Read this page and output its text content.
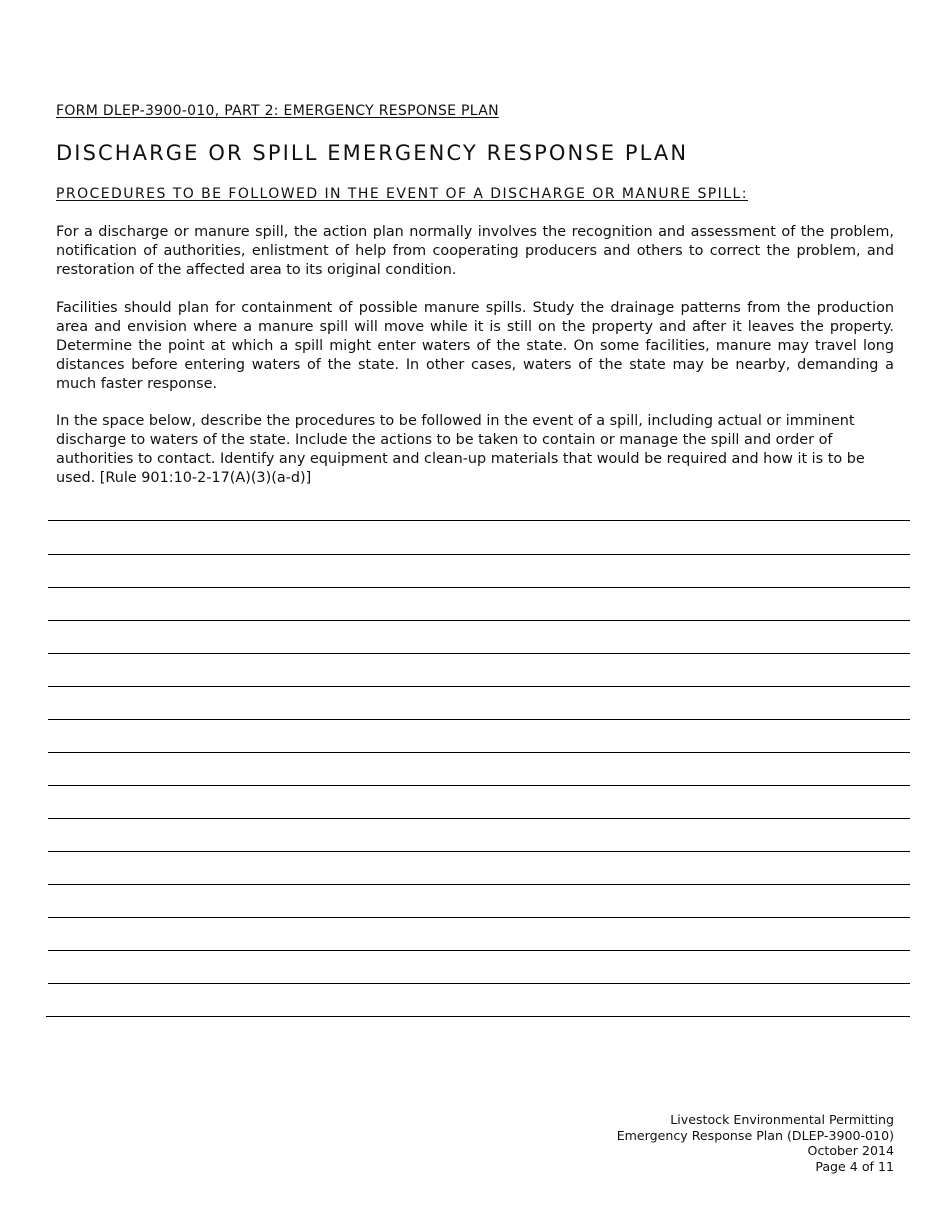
FORM DLEP-3900-010, PART 2: EMERGENCY RESPONSE PLAN
DISCHARGE OR SPILL EMERGENCY RESPONSE PLAN
PROCEDURES TO BE FOLLOWED IN THE EVENT OF A DISCHARGE OR MANURE SPILL:

For a discharge or manure spill, the action plan normally involves the recognition and assessment of the problem, notification of authorities, enlistment of help from cooperating producers and others to correct the problem, and restoration of the affected area to its original condition.

Facilities should plan for containment of possible manure spills. Study the drainage patterns from the production area and envision where a manure spill will move while it is still on the property and after it leaves the property. Determine the point at which a spill might enter waters of the state. On some facilities, manure may travel long distances before entering waters of the state. In other cases, waters of the state may be nearby, demanding a much faster response.

In the space below, describe the procedures to be followed in the event of a spill, including actual or imminent discharge to waters of the state. Include the actions to be taken to contain or manage the spill and order of authorities to contact. Identify any equipment and clean-up materials that would be required and how it is to be used. [Rule 901:10-2-17(A)(3)(a-d)]

Livestock Environmental Permitting
Emergency Response Plan (DLEP-3900-010)
October 2014
Page 4 of 11
